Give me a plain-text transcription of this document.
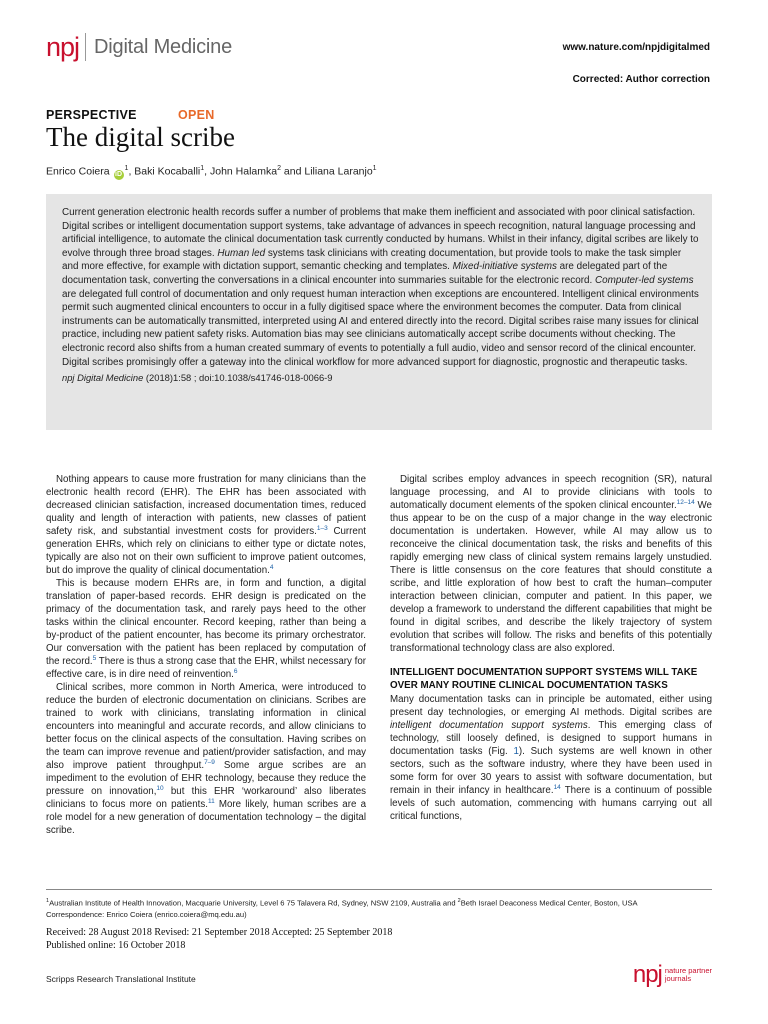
npj Digital Medicine	www.nature.com/npjdigitalmed
Corrected: Author correction
PERSPECTIVE	OPEN
The digital scribe
Enrico Coiera $iD^1$, Baki Kocaballi$^1$, John Halamka$^2$ and Liliana Laranjo$^1$

Current generation electronic health records suffer a number of problems that make them inefficient and associated with poor clinical satisfaction. Digital scribes or intelligent documentation support systems, take advantage of advances in speech recognition, natural language processing and artificial intelligence, to automate the clinical documentation task currently conducted by humans. Whilst in their infancy, digital scribes are likely to evolve through three broad stages. Human led systems task clinicians with creating documentation, but provide tools to make the task simpler and more effective, for example with dictation support, semantic checking and templates. Mixed-initiative systems are delegated part of the documentation task, converting the conversations in a clinical encounter into summaries suitable for the electronic record. Computer-led systems are delegated full control of documentation and only request human interaction when exceptions are encountered. Intelligent clinical environments permit such augmented clinical encounters to occur in a fully digitised space where the environment becomes the computer. Data from clinical instruments can be automatically transmitted, interpreted using AI and entered directly into the record. Digital scribes raise many issues for clinical practice, including new patient safety risks. Automation bias may see clinicians automatically accept scribe documents without checking. The electronic record also shifts from a human created summary of events to potentially a full audio, video and sensor record of the clinical encounter. Digital scribes promisingly offer a gateway into the clinical workflow for more advanced support for diagnostic, prognostic and therapeutic tasks.

npj Digital Medicine (2018)1:58 ; doi:10.1038/s41746-018-0066-9

Nothing appears to cause more frustration for many clinicians than the electronic health record (EHR). The EHR has been associated with decreased clinician satisfaction, increased documentation times, reduced quality and length of interaction with patients, new classes of patient safety risk, and substantial investment costs for providers.$^{1-3}$ Current generation EHRs, which rely on clinicians to either type or dictate notes, typically are also not on their own sufficient to improve patient outcomes, but do improve the quality of clinical documentation.$^4$

This is because modern EHRs are, in form and function, a digital translation of paper-based records. EHR design is predicated on the primacy of the documentation task, and rarely pays heed to the other tasks within the clinical encounter. Record keeping, rather than being a by-product of the patient encounter, has become its primary orchestrator. Our conversation with the patient has been replaced by computation of the record.$^5$ There is thus a strong case that the EHR, whilst necessary for effective care, is in dire need of reinvention.$^6$

Clinical scribes, more common in North America, were introduced to reduce the burden of electronic documentation on clinicians. Scribes are trained to work with clinicians, translating information in clinical encounters into meaningful and accurate records, and allow clinicians to better focus on the clinical aspects of the consultation. Having scribes on the team can improve revenue and patient/provider satisfaction, and may also improve patient throughput.$^{7-9}$ Some argue scribes are an impediment to the evolution of EHR technology, because they reduce the pressure on innovation,$^{10}$ but this EHR ‘workaround’ also liberates clinicians to focus more on patients.$^{11}$ More likely, human scribes are a role model for a new generation of documentation technology – the digital scribe.

Digital scribes employ advances in speech recognition (SR), natural language processing, and AI to provide clinicians with tools to automatically document elements of the spoken clinical encounter.$^{12-14}$ We thus appear to be on the cusp of a major change in the way electronic documentation is undertaken. However, while AI may allow us to reconceive the clinical documentation task, the risks and benefits of this rapidly emerging new class of clinical system remains largely unstudied. There is little consensus on the core features that should constitute a scribe, and little exploration of how best to craft the human–computer interaction between clinician, computer and patient. In this paper, we develop a framework to understand the different capabilities that might be found in digital scribes, and describe the likely trajectory of system evolution that scribes will follow. The risks and benefits of this potentially transformational technology class are also explored.

INTELLIGENT DOCUMENTATION SUPPORT SYSTEMS WILL TAKE OVER MANY ROUTINE CLINICAL DOCUMENTATION TASKS

Many documentation tasks can in principle be automated, either using present day technologies, or emerging AI methods. Digital scribes are intelligent documentation support systems. This emerging class of technology, still loosely defined, is designed to support humans in documentation tasks (Fig. 1). Such systems are well known in other sectors, such as the software industry, where they have been used in some form for over 30 years to assist with software documentation, but remain in their infancy in healthcare.$^{14}$ There is a continuum of possible levels of such automation, commencing with humans carrying out all critical functions,

$^1$Australian Institute of Health Innovation, Macquarie University, Level 6 75 Talavera Rd, Sydney, NSW 2109, Australia and $^2$Beth Israel Deaconess Medical Center, Boston, USA
Correspondence: Enrico Coiera (enrico.coiera@mq.edu.au)
Received: 28 August 2018 Revised: 21 September 2018 Accepted: 25 September 2018
Published online: 16 October 2018
Scripps Research Translational Institute	npj nature partner
journals
